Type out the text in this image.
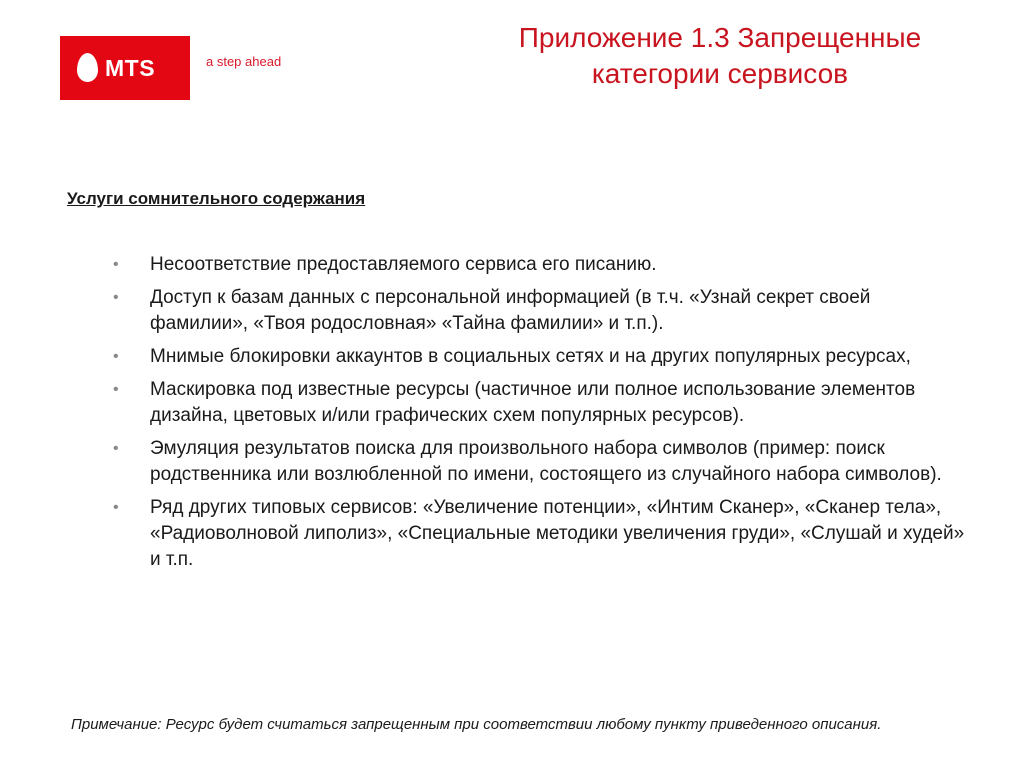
MTS	a step ahead
Приложение 1.3 Запрещенные
категории сервисов
Услуги сомнительного содержания
• Несоответствие предоставляемого сервиса его писанию.
• Доступ к базам данных с персональной информацией (в т.ч. «Узнай секрет своей фамилии», «Твоя родословная» «Тайна фамилии» и т.п.).
• Мнимые блокировки аккаунтов в социальных сетях и на других популярных ресурсах,
• Маскировка под известные ресурсы (частичное или полное использование элементов дизайна, цветовых и/или графических схем популярных ресурсов).
• Эмуляция результатов поиска для произвольного набора символов (пример: поиск родственника или возлюбленной по имени, состоящего из случайного набора символов).
• Ряд других типовых сервисов: «Увеличение потенции», «Интим Сканер», «Сканер тела», «Радиоволновой липолиз», «Специальные методики увеличения груди», «Слушай и худей» и т.п.
Примечание: Ресурс будет считаться запрещенным при соответствии любому пункту приведенного описания.
